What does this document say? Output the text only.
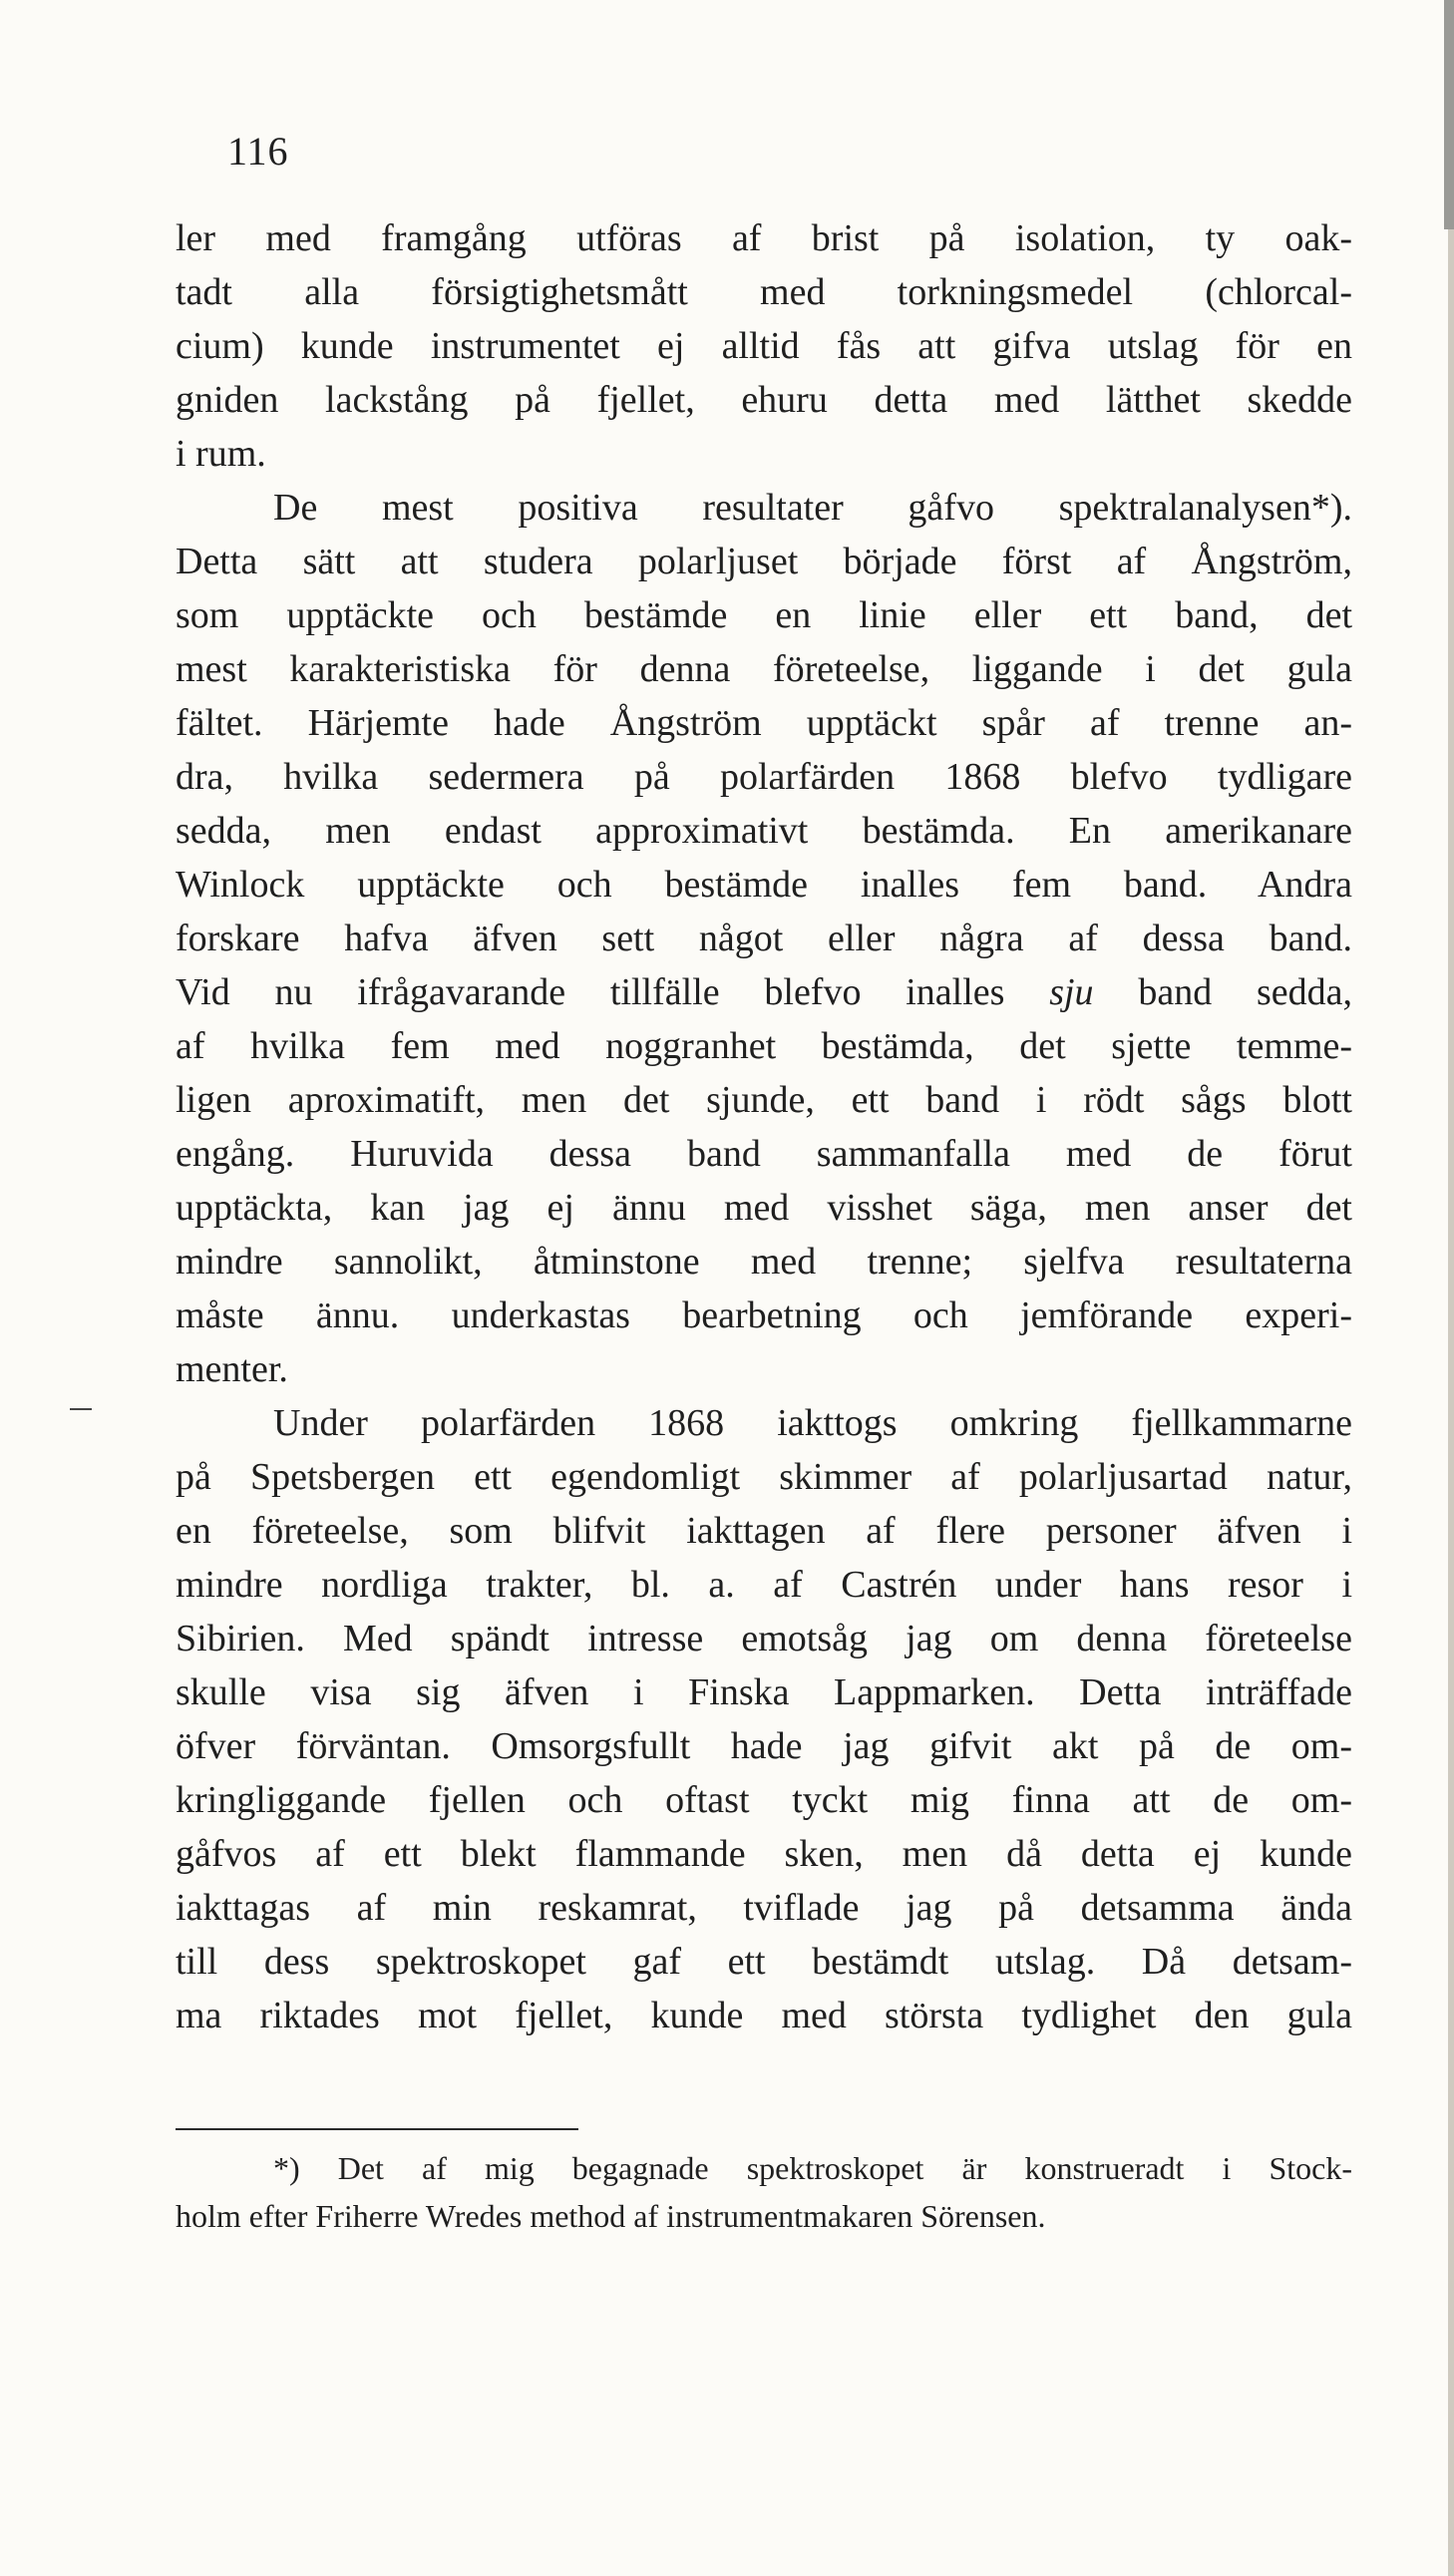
116
ler med framgång utföras af brist på isolation, ty oak-
tadt alla försigtighetsmått med torkningsmedel (chlorcal-
cium) kunde instrumentet ej alltid fås att gifva utslag för en
gniden lackstång på fjellet, ehuru detta med lätthet skedde
i rum.
De mest positiva resultater gåfvo spektralanalysen*).
Detta sätt att studera polarljuset började först af Ångström,
som upptäckte och bestämde en linie eller ett band, det
mest karakteristiska för denna företeelse, liggande i det gula
fältet. Härjemte hade Ångström upptäckt spår af trenne an-
dra, hvilka sedermera på polarfärden 1868 blefvo tydligare
sedda, men endast approximativt bestämda. En amerikanare
Winlock upptäckte och bestämde inalles fem band. Andra
forskare hafva äfven sett något eller några af dessa band.
Vid nu ifrågavarande tillfälle blefvo inalles sju band sedda,
af hvilka fem med noggranhet bestämda, det sjette temme-
ligen aproximatift, men det sjunde, ett band i rödt sågs blott
engång. Huruvida dessa band sammanfalla med de förut
upptäckta, kan jag ej ännu med visshet säga, men anser det
mindre sannolikt, åtminstone med trenne; sjelfva resultaterna
måste ännu. underkastas bearbetning och jemförande experi-
menter.
Under polarfärden 1868 iakttogs omkring fjellkammarne
på Spetsbergen ett egendomligt skimmer af polarljusartad natur,
en företeelse, som blifvit iakttagen af flere personer äfven i
mindre nordliga trakter, bl. a. af Castrén under hans resor i
Sibirien. Med spändt intresse emotsåg jag om denna företeelse
skulle visa sig äfven i Finska Lappmarken. Detta inträffade
öfver förväntan. Omsorgsfullt hade jag gifvit akt på de om-
kringliggande fjellen och oftast tyckt mig finna att de om-
gåfvos af ett blekt flammande sken, men då detta ej kunde
iakttagas af min reskamrat, tviflade jag på detsamma ända
till dess spektroskopet gaf ett bestämdt utslag. Då detsam-
ma riktades mot fjellet, kunde med största tydlighet den gula
*) Det af mig begagnade spektroskopet är konstrueradt i Stock-
holm efter Friherre Wredes method af instrumentmakaren Sörensen.
